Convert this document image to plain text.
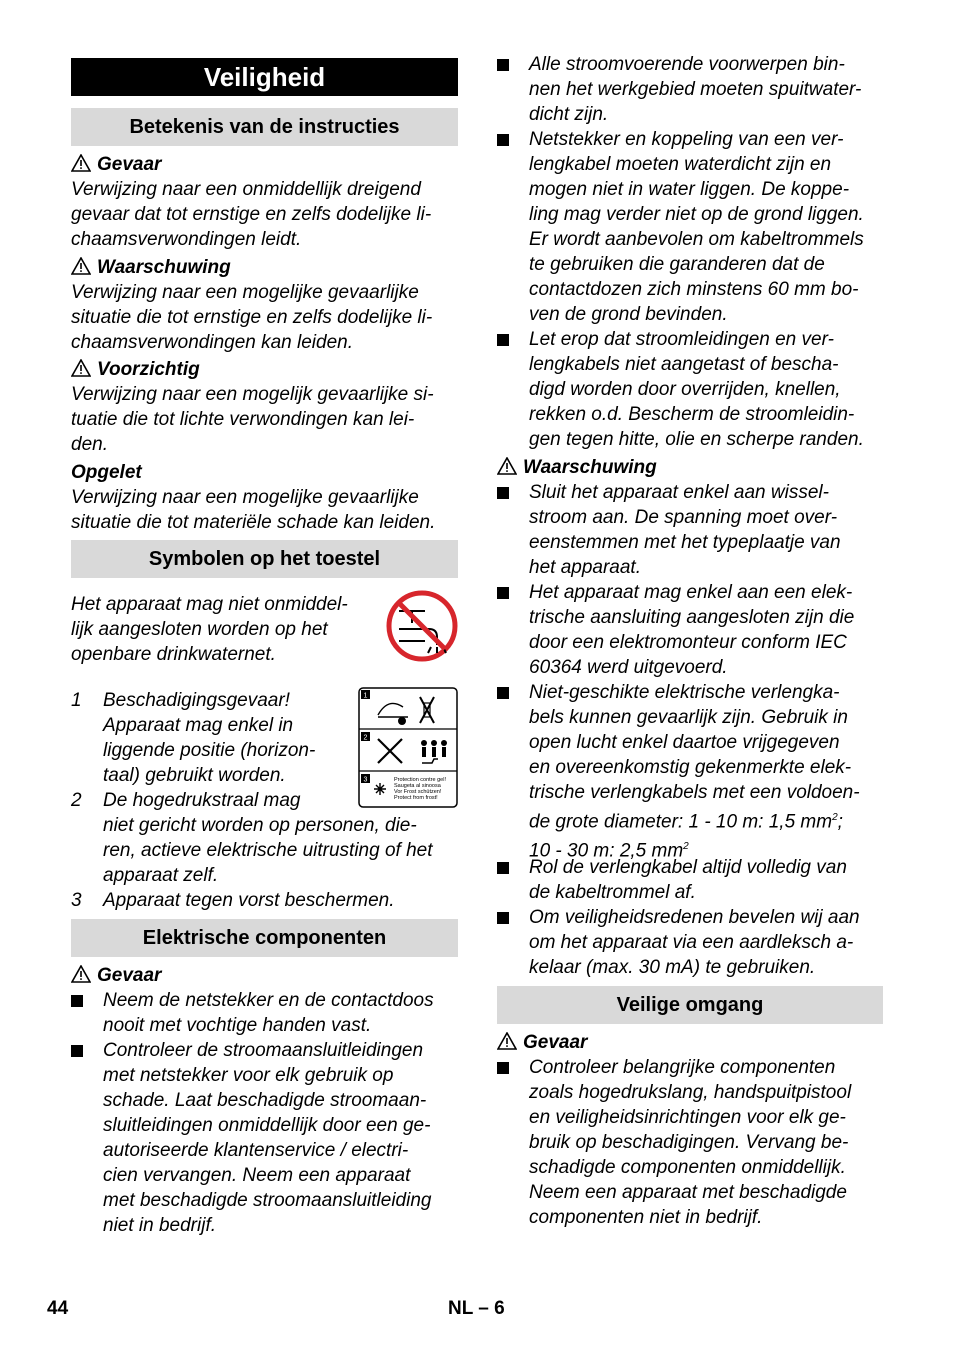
Veiligheid
Betekenis van de instructies
Gevaar
Verwijzing naar een onmiddellijk dreigend
gevaar dat tot ernstige en zelfs dodelijke li-
chaamsverwondingen leidt.
Waarschuwing
Verwijzing naar een mogelijke gevaarlijke
situatie die tot ernstige en zelfs dodelijke li-
chaamsverwondingen kan leiden.
Voorzichtig
Verwijzing naar een mogelijk gevaarlijke si-
tuatie die tot lichte verwondingen kan lei-
den.
Opgelet
Verwijzing naar een mogelijke gevaarlijke
situatie die tot materiële schade kan leiden.
Symbolen op het toestel
Het apparaat mag niet onmiddel-
lijk aangesloten worden op het
openbare drinkwaternet.
1
2
3	Protection contre gel!
Saugeta al sinoosa
Vor Frost schützen!
Protect from frost!
1 Beschadigingsgevaar!
Apparaat mag enkel in
liggende positie (horizon-
taal) gebruikt worden.
2 De hogedrukstraal mag
niet gericht worden op personen, die-
ren, actieve elektrische uitrusting of het
apparaat zelf.
3 Apparaat tegen vorst beschermen.
Elektrische componenten
Gevaar
Neem de netstekker en de contactdoos
nooit met vochtige handen vast.
Controleer de stroomaansluitleidingen
met netstekker voor elk gebruik op
schade. Laat beschadigde stroomaan-
sluitleidingen onmiddellijk door een ge-
autoriseerde klantenservice / electri-
cien vervangen. Neem een apparaat
met beschadigde stroomaansluitleiding
niet in bedrijf.
Alle stroomvoerende voorwerpen bin-
nen het werkgebied moeten spuitwater-
dicht zijn.
Netstekker en koppeling van een ver-
lengkabel moeten waterdicht zijn en
mogen niet in water liggen. De koppe-
ling mag verder niet op de grond liggen.
Er wordt aanbevolen om kabeltrommels
te gebruiken die garanderen dat de
contactdozen zich minstens 60 mm bo-
ven de grond bevinden.
Let erop dat stroomleidingen en ver-
lengkabels niet aangetast of bescha-
digd worden door overrijden, knellen,
rekken o.d. Bescherm de stroomleidin-
gen tegen hitte, olie en scherpe randen.
Waarschuwing
Sluit het apparaat enkel aan wissel-
stroom aan. De spanning moet over-
eenstemmen met het typeplaatje van
het apparaat.
Het apparaat mag enkel aan een elek-
trische aansluiting aangesloten zijn die
door een elektromonteur conform IEC
60364 werd uitgevoerd.
Niet-geschikte elektrische verlengka-
bels kunnen gevaarlijk zijn. Gebruik in
open lucht enkel daartoe vrijgegeven
en overeenkomstig gekenmerkte elek-
trische verlengkabels met een voldoen-
de grote diameter: 1 - 10 m: 1,5 $mm^2$;
10 - 30 m: 2,5 $mm^2$
Rol de verlengkabel altijd volledig van
de kabeltrommel af.
Om veiligheidsredenen bevelen wij aan
om het apparaat via een aardleksch a-
kelaar (max. 30 mA) te gebruiken.
Veilige omgang
Gevaar
Controleer belangrijke componenten
zoals hogedrukslang, handspuitpistool
en veiligheidsinrichtingen voor elk ge-
bruik op beschadigingen. Vervang be-
schadigde componenten onmiddellijk.
Neem een apparaat met beschadigde
componenten niet in bedrijf.
44	NL – 6
